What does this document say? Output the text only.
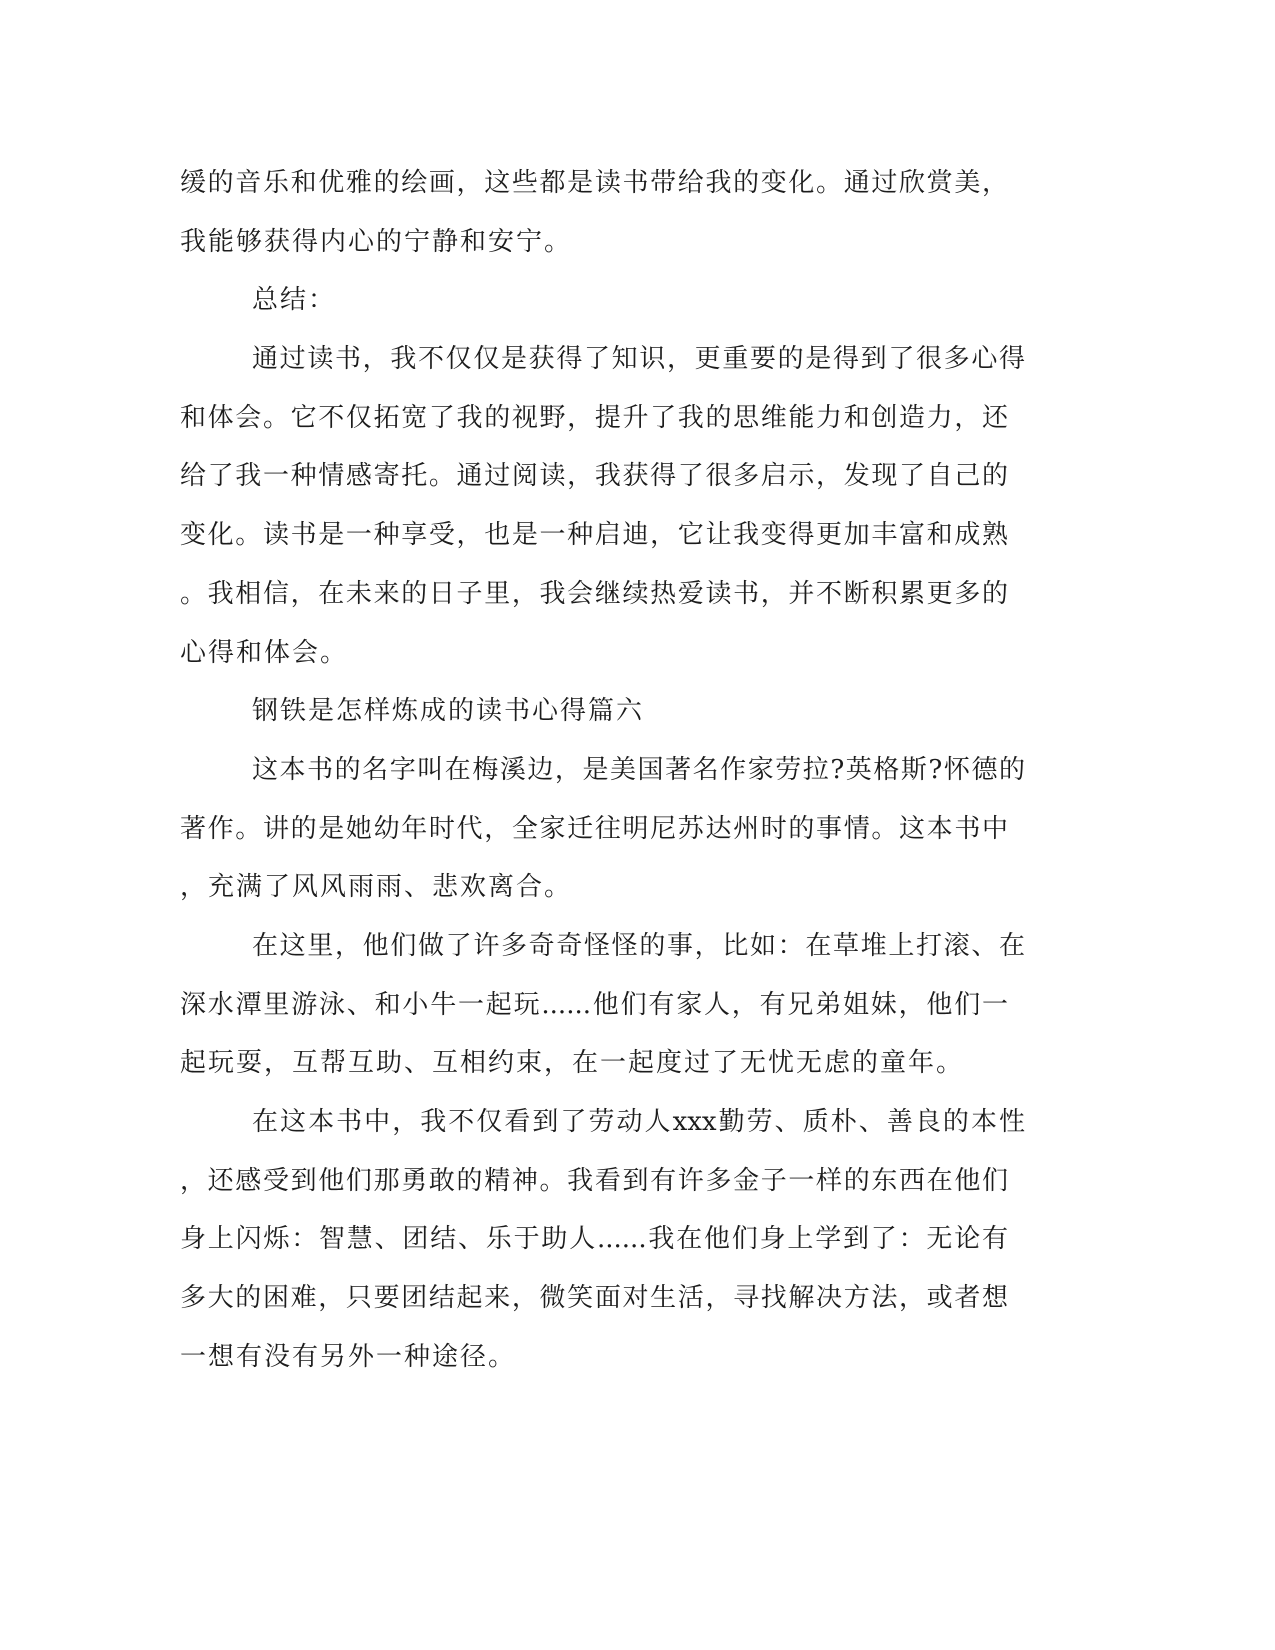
缓的音乐和优雅的绘画，这些都是读书带给我的变化。通过欣赏美，
我能够获得内心的宁静和安宁。
总结：
通过读书，我不仅仅是获得了知识，更重要的是得到了很多心得
和体会。它不仅拓宽了我的视野，提升了我的思维能力和创造力，还
给了我一种情感寄托。通过阅读，我获得了很多启示，发现了自己的
变化。读书是一种享受，也是一种启迪，它让我变得更加丰富和成熟
。我相信，在未来的日子里，我会继续热爱读书，并不断积累更多的
心得和体会。
钢铁是怎样炼成的读书心得篇六
这本书的名字叫在梅溪边，是美国著名作家劳拉?英格斯?怀德的
著作。讲的是她幼年时代，全家迁往明尼苏达州时的事情。这本书中
，充满了风风雨雨、悲欢离合。
在这里，他们做了许多奇奇怪怪的事，比如：在草堆上打滚、在
深水潭里游泳、和小牛一起玩......他们有家人，有兄弟姐妹，他们一
起玩耍，互帮互助、互相约束，在一起度过了无忧无虑的童年。
在这本书中，我不仅看到了劳动人xxx勤劳、质朴、善良的本性
，还感受到他们那勇敢的精神。我看到有许多金子一样的东西在他们
身上闪烁：智慧、团结、乐于助人......我在他们身上学到了：无论有
多大的困难，只要团结起来，微笑面对生活，寻找解决方法，或者想
一想有没有另外一种途径。
